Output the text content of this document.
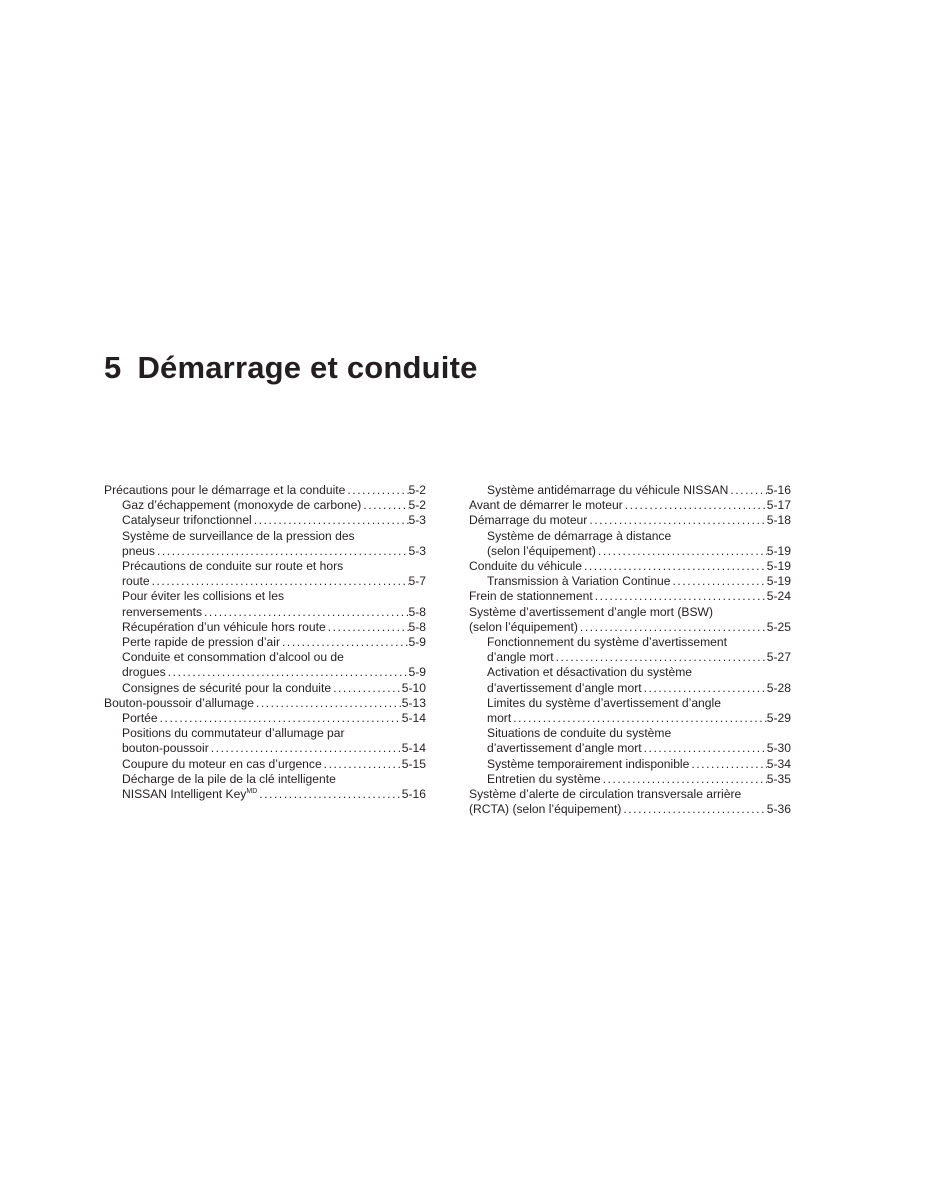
5 Démarrage et conduite
Précautions pour le démarrage et la conduite . . .	5-2
Gaz d’échappement (monoxyde de carbone) . . .	5-2
Catalyseur trifonctionnel . . .	5-3
Système de surveillance de la pression des
pneus . . .	5-3
Précautions de conduite sur route et hors
route . . .	5-7
Pour éviter les collisions et les
renversements . . .	5-8
Récupération d’un véhicule hors route . . .	5-8
Perte rapide de pression d’air . . .	5-9
Conduite et consommation d’alcool ou de
drogues . . .	5-9
Consignes de sécurité pour la conduite . . .	5-10
Bouton-poussoir d’allumage . . .	5-13
Portée . . .	5-14
Positions du commutateur d’allumage par
bouton-poussoir . . .	5-14
Coupure du moteur en cas d’urgence . . .	5-15
Décharge de la pile de la clé intelligente
NISSAN Intelligent Key$^{MD}$ . . .	5-16
Système antidémarrage du véhicule NISSAN . . .	5-16
Avant de démarrer le moteur . . .	5-17
Démarrage du moteur . . .	5-18
Système de démarrage à distance
(selon l’équipement) . . .	5-19
Conduite du véhicule . . .	5-19
Transmission à Variation Continue . . .	5-19
Frein de stationnement . . .	5-24
Système d’avertissement d’angle mort (BSW)
(selon l’équipement) . . .	5-25
Fonctionnement du système d’avertissement
d’angle mort . . .	5-27
Activation et désactivation du système
d’avertissement d’angle mort . . .	5-28
Limites du système d’avertissement d’angle
mort . . .	5-29
Situations de conduite du système
d’avertissement d’angle mort . . .	5-30
Système temporairement indisponible . . .	5-34
Entretien du système . . .	5-35
Système d’alerte de circulation transversale arrière
(RCTA) (selon l’équipement) . . .	5-36
